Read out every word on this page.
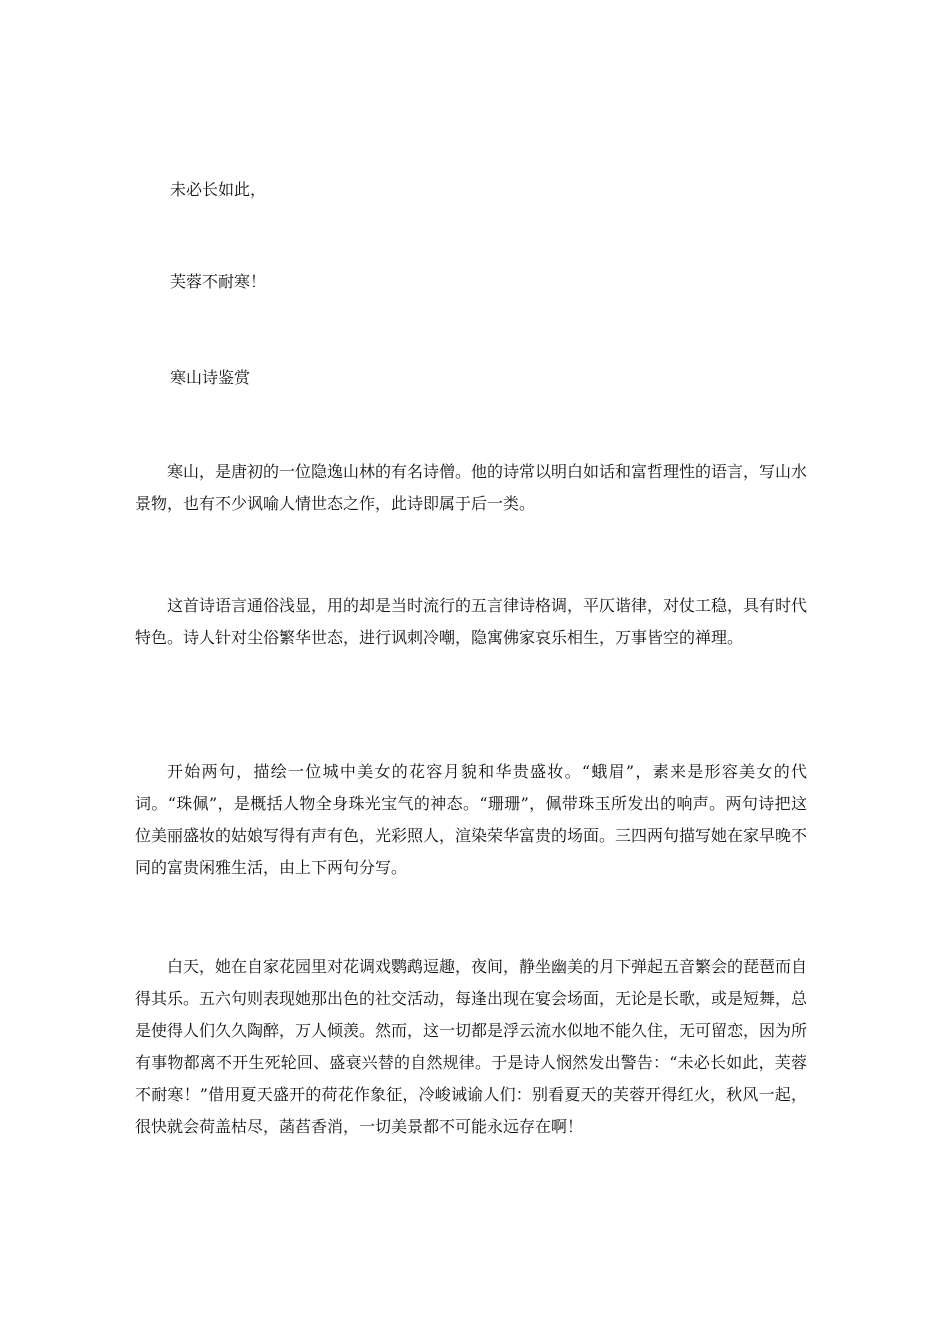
未必长如此，
芙蓉不耐寒！
寒山诗鉴赏
寒山，是唐初的一位隐逸山林的有名诗僧。他的诗常以明白如话和富哲理性的语言，写山水景物，也有不少讽喻人情世态之作，此诗即属于后一类。
这首诗语言通俗浅显，用的却是当时流行的五言律诗格调，平仄谐律，对仗工稳，具有时代特色。诗人针对尘俗繁华世态，进行讽刺冷嘲，隐寓佛家哀乐相生，万事皆空的禅理。
开始两句，描绘一位城中美女的花容月貌和华贵盛妆。“蛾眉”，素来是形容美女的代词。“珠佩”，是概括人物全身珠光宝气的神态。“珊珊”，佩带珠玉所发出的响声。两句诗把这位美丽盛妆的姑娘写得有声有色，光彩照人，渲染荣华富贵的场面。三四两句描写她在家早晚不同的富贵闲雅生活，由上下两句分写。
白天，她在自家花园里对花调戏鹦鹉逗趣，夜间，静坐幽美的月下弹起五音繁会的琵琶而自得其乐。五六句则表现她那出色的社交活动，每逢出现在宴会场面，无论是长歌，或是短舞，总是使得人们久久陶醉，万人倾羡。然而，这一切都是浮云流水似地不能久住，无可留恋，因为所有事物都离不开生死轮回、盛衰兴替的自然规律。于是诗人悯然发出警告：“未必长如此，芙蓉不耐寒！”借用夏天盛开的荷花作象征，冷峻诫谕人们：别看夏天的芙蓉开得红火，秋风一起，很快就会荷盖枯尽，菡萏香消，一切美景都不可能永远存在啊！
